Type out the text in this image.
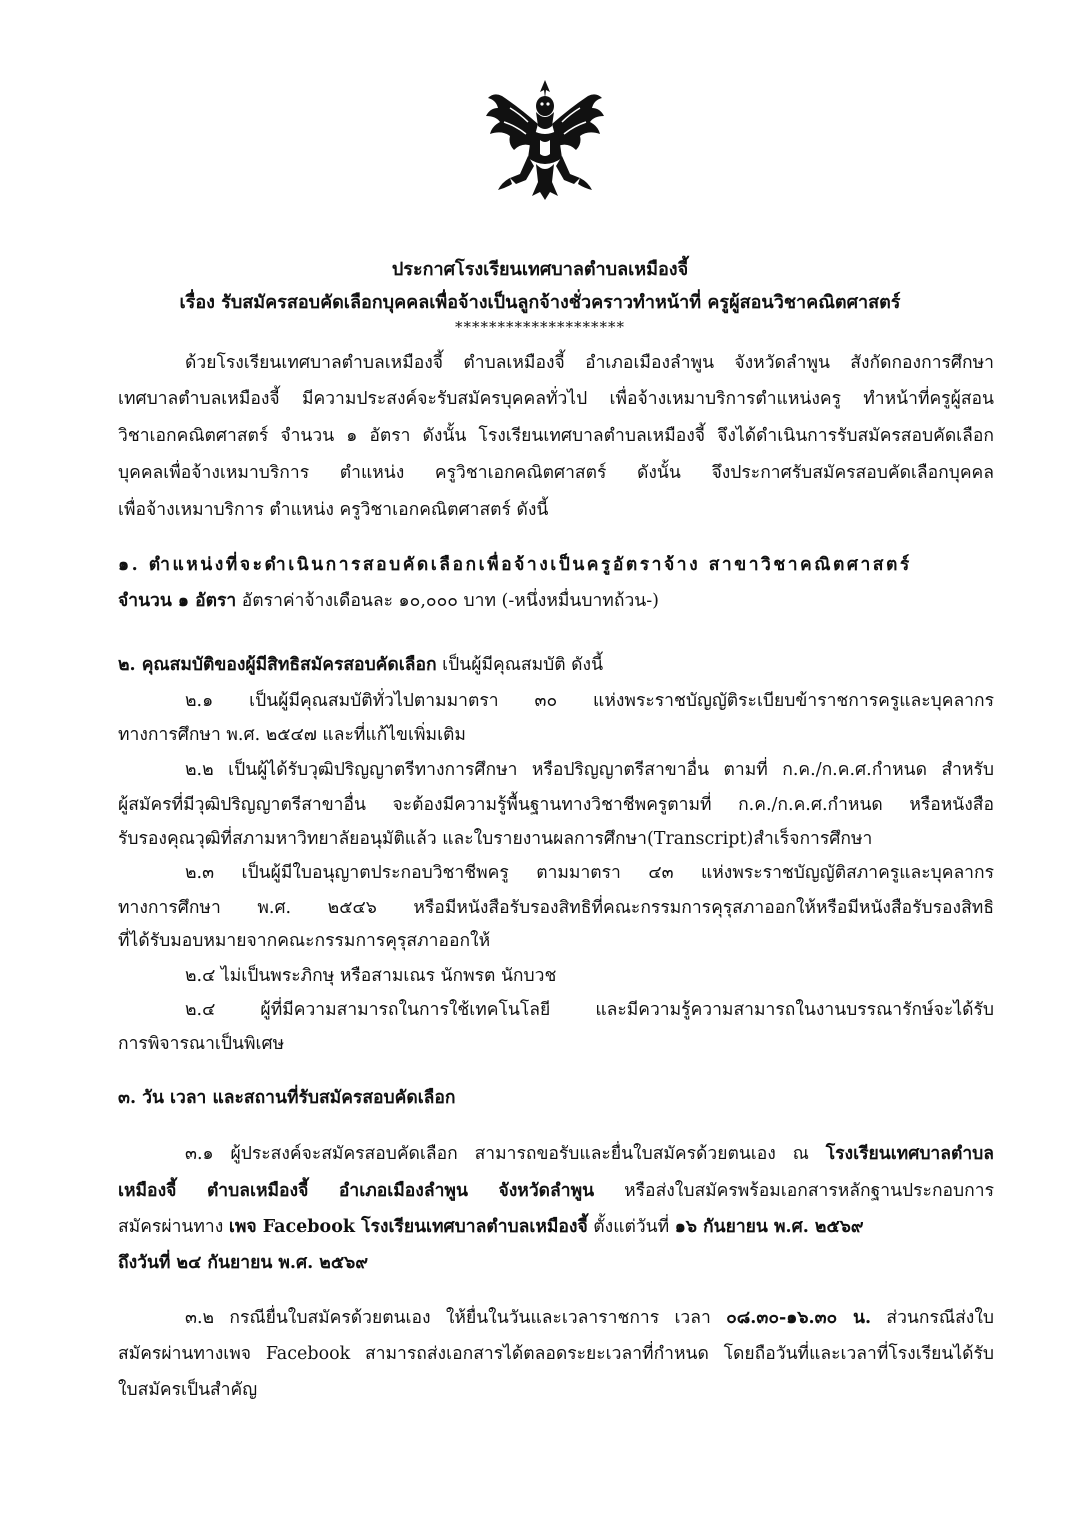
ประกาศโรงเรียนเทศบาลตำบลเหมืองจี้
เรื่อง รับสมัครสอบคัดเลือกบุคคลเพื่อจ้างเป็นลูกจ้างชั่วคราวทำหน้าที่ ครูผู้สอนวิชาคณิตศาสตร์
********************
ด้วยโรงเรียนเทศบาลตำบลเหมืองจี้ ตำบลเหมืองจี้ อำเภอเมืองลำพูน จังหวัดลำพูน สังกัดกองการศึกษา
เทศบาลตำบลเหมืองจี้ มีความประสงค์จะรับสมัครบุคคลทั่วไป เพื่อจ้างเหมาบริการตำแหน่งครู ทำหน้าที่ครูผู้สอน
วิชาเอกคณิตศาสตร์ จำนวน ๑ อัตรา ดังนั้น โรงเรียนเทศบาลตำบลเหมืองจี้ จึงได้ดำเนินการรับสมัครสอบคัดเลือก
บุคคลเพื่อจ้างเหมาบริการ ตำแหน่ง ครูวิชาเอกคณิตศาสตร์ ดังนั้น จึงประกาศรับสมัครสอบคัดเลือกบุคคล
เพื่อจ้างเหมาบริการ ตำแหน่ง ครูวิชาเอกคณิตศาสตร์ ดังนี้
๑. ตำแหน่งที่จะดำเนินการสอบคัดเลือกเพื่อจ้างเป็นครูอัตราจ้าง สาขาวิชาคณิตศาสตร์
จำนวน ๑ อัตรา อัตราค่าจ้างเดือนละ ๑๐,๐๐๐ บาท (-หนึ่งหมื่นบาทถ้วน-)
๒. คุณสมบัติของผู้มีสิทธิสมัครสอบคัดเลือก เป็นผู้มีคุณสมบัติ ดังนี้
๒.๑ เป็นผู้มีคุณสมบัติทั่วไปตามมาตรา ๓๐ แห่งพระราชบัญญัติระเบียบข้าราชการครูและบุคลากร
ทางการศึกษา พ.ศ. ๒๕๔๗ และที่แก้ไขเพิ่มเติม
๒.๒ เป็นผู้ได้รับวุฒิปริญญาตรีทางการศึกษา หรือปริญญาตรีสาขาอื่น ตามที่ ก.ค./ก.ค.ศ.กำหนด สำหรับ
ผู้สมัครที่มีวุฒิปริญญาตรีสาขาอื่น จะต้องมีความรู้พื้นฐานทางวิชาชีพครูตามที่ ก.ค./ก.ค.ศ.กำหนด หรือหนังสือ
รับรองคุณวุฒิที่สภามหาวิทยาลัยอนุมัติแล้ว และใบรายงานผลการศึกษา(Transcript)สำเร็จการศึกษา
๒.๓ เป็นผู้มีใบอนุญาตประกอบวิชาชีพครู ตามมาตรา ๔๓ แห่งพระราชบัญญัติสภาครูและบุคลากร
ทางการศึกษา พ.ศ. ๒๕๔๖ หรือมีหนังสือรับรองสิทธิที่คณะกรรมการคุรุสภาออกให้หรือมีหนังสือรับรองสิทธิ
ที่ได้รับมอบหมายจากคณะกรรมการคุรุสภาออกให้
๒.๔ ไม่เป็นพระภิกษุ หรือสามเณร นักพรต นักบวช
๒.๔ ผู้ที่มีความสามารถในการใช้เทคโนโลยี และมีความรู้ความสามารถในงานบรรณารักษ์จะได้รับ
การพิจารณาเป็นพิเศษ
๓. วัน เวลา และสถานที่รับสมัครสอบคัดเลือก
๓.๑ ผู้ประสงค์จะสมัครสอบคัดเลือก สามารถขอรับและยื่นใบสมัครด้วยตนเอง ณ โรงเรียนเทศบาลตำบล
เหมืองจี้ ตำบลเหมืองจี้ อำเภอเมืองลำพูน จังหวัดลำพูน หรือส่งใบสมัครพร้อมเอกสารหลักฐานประกอบการ
สมัครผ่านทาง เพจ Facebook โรงเรียนเทศบาลตำบลเหมืองจี้ ตั้งแต่วันที่ ๑๖ กันยายน พ.ศ. ๒๕๖๙
ถึงวันที่ ๒๔ กันยายน พ.ศ. ๒๕๖๙
๓.๒ กรณียื่นใบสมัครด้วยตนเอง ให้ยื่นในวันและเวลาราชการ เวลา ๐๘.๓๐-๑๖.๓๐ น. ส่วนกรณีส่งใบ
สมัครผ่านทางเพจ Facebook สามารถส่งเอกสารได้ตลอดระยะเวลาที่กำหนด โดยถือวันที่และเวลาที่โรงเรียนได้รับ
ใบสมัครเป็นสำคัญ
